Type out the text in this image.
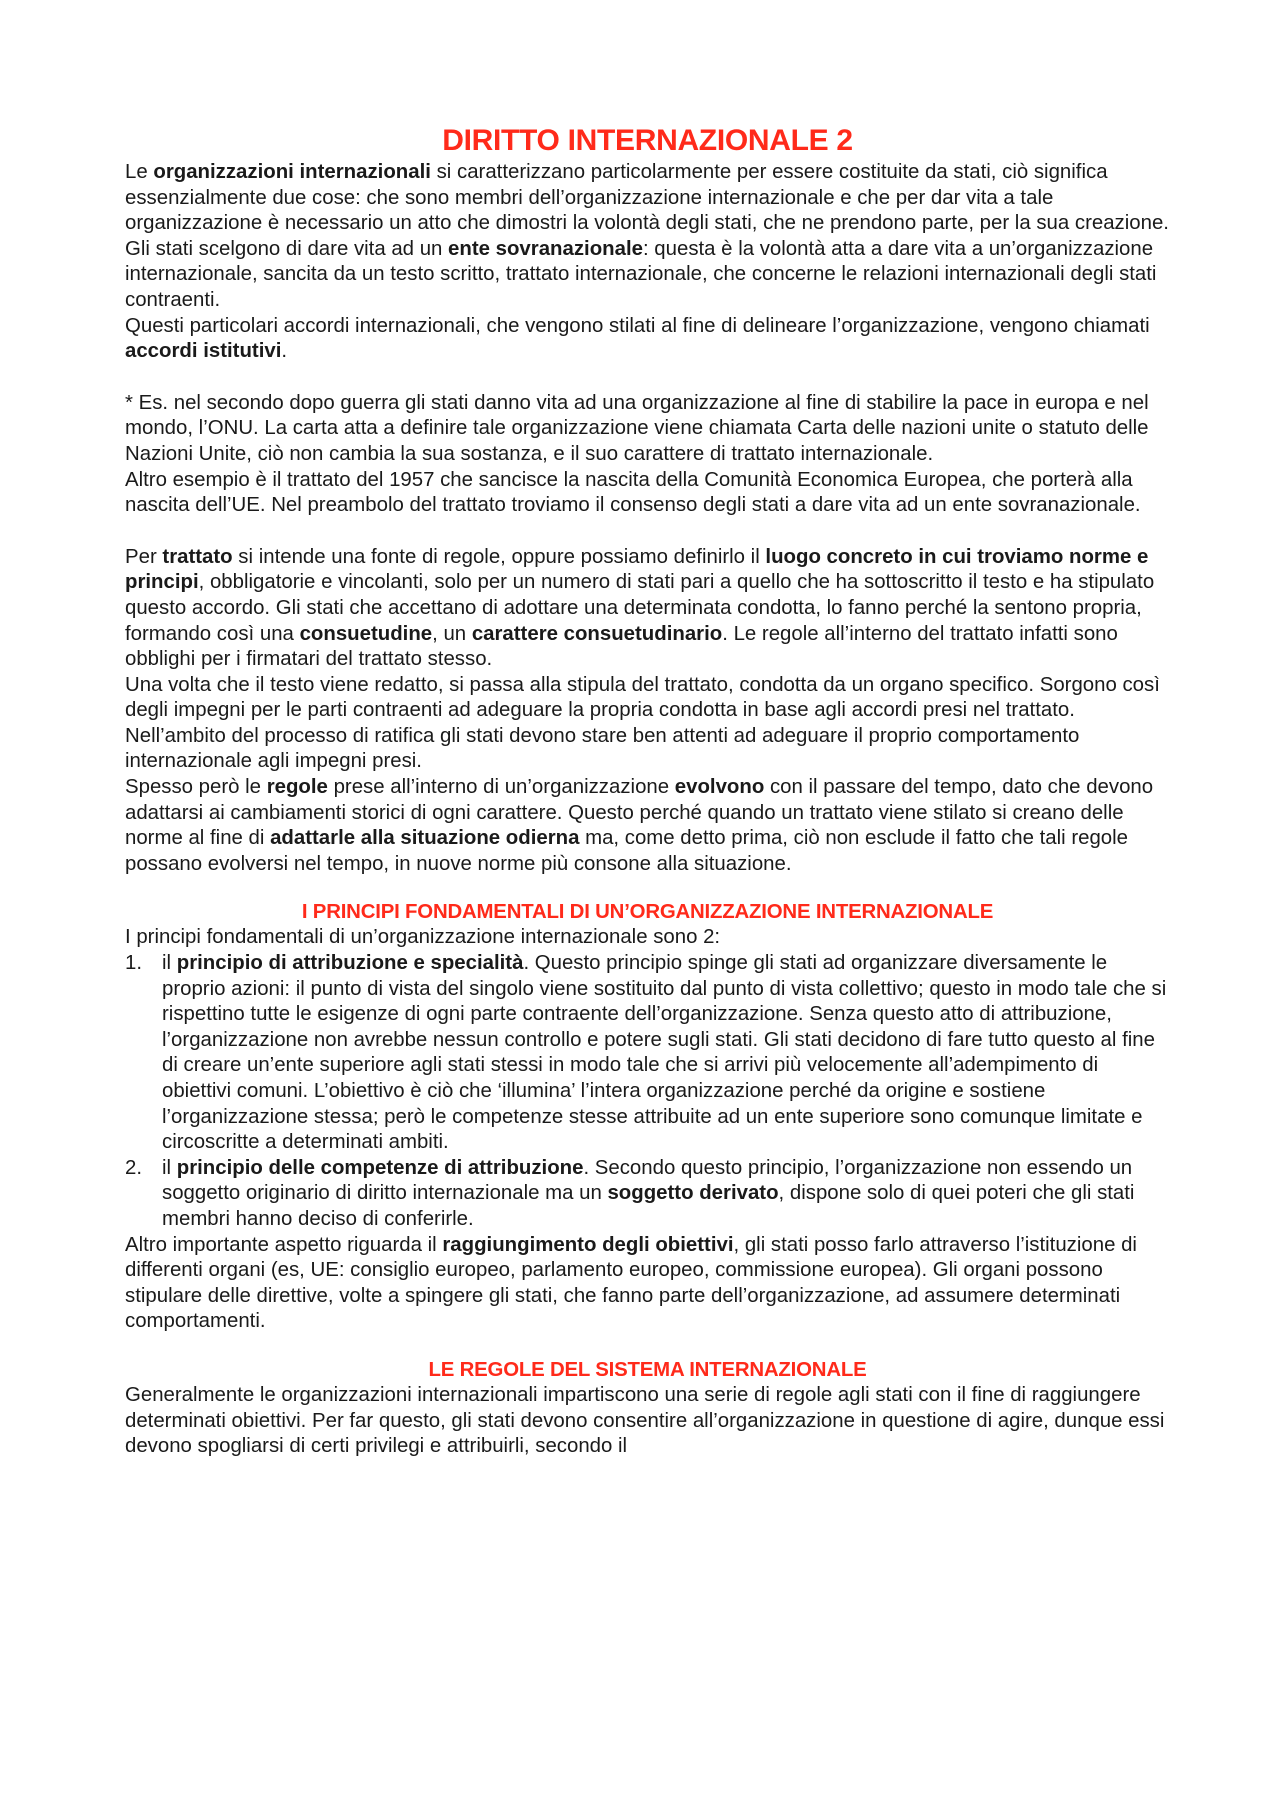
DIRITTO INTERNAZIONALE 2

Le organizzazioni internazionali si caratterizzano particolarmente per essere costituite da stati, ciò significa essenzialmente due cose: che sono membri dell’organizzazione internazionale e che per dar vita a tale organizzazione è necessario un atto che dimostri la volontà degli stati, che ne prendono parte, per la sua creazione. Gli stati scelgono di dare vita ad un ente sovranazionale: questa è la volontà atta a dare vita a un’organizzazione internazionale, sancita da un testo scritto, trattato internazionale, che concerne le relazioni internazionali degli stati contraenti.

Questi particolari accordi internazionali, che vengono stilati al fine di delineare l’organizzazione, vengono chiamati accordi istitutivi.

* Es. nel secondo dopo guerra gli stati danno vita ad una organizzazione al fine di stabilire la pace in europa e nel mondo, l’ONU. La carta atta a definire tale organizzazione viene chiamata Carta delle nazioni unite o statuto delle Nazioni Unite, ciò non cambia la sua sostanza, e il suo carattere di trattato internazionale.

Altro esempio è il trattato del 1957 che sancisce la nascita della Comunità Economica Europea, che porterà alla nascita dell’UE. Nel preambolo del trattato troviamo il consenso degli stati a dare vita ad un ente sovranazionale.

Per trattato si intende una fonte di regole, oppure possiamo definirlo il luogo concreto in cui troviamo norme e principi, obbligatorie e vincolanti, solo per un numero di stati pari a quello che ha sottoscritto il testo e ha stipulato questo accordo. Gli stati che accettano di adottare una determinata condotta, lo fanno perché la sentono propria, formando così una consuetudine, un carattere consuetudinario. Le regole all’interno del trattato infatti sono obblighi per i firmatari del trattato stesso.

Una volta che il testo viene redatto, si passa alla stipula del trattato, condotta da un organo specifico. Sorgono così degli impegni per le parti contraenti ad adeguare la propria condotta in base agli accordi presi nel trattato.

Nell’ambito del processo di ratifica gli stati devono stare ben attenti ad adeguare il proprio comportamento internazionale agli impegni presi.

Spesso però le regole prese all’interno di un’organizzazione evolvono con il passare del tempo, dato che devono adattarsi ai cambiamenti storici di ogni carattere. Questo perché quando un trattato viene stilato si creano delle norme al fine di adattarle alla situazione odierna ma, come detto prima, ciò non esclude il fatto che tali regole possano evolversi nel tempo, in nuove norme più consone alla situazione.

I PRINCIPI FONDAMENTALI DI UN’ORGANIZZAZIONE INTERNAZIONALE

I principi fondamentali di un’organizzazione internazionale sono 2:

1. il principio di attribuzione e specialità. Questo principio spinge gli stati ad organizzare diversamente le proprio azioni: il punto di vista del singolo viene sostituito dal punto di vista collettivo; questo in modo tale che si rispettino tutte le esigenze di ogni parte contraente dell’organizzazione. Senza questo atto di attribuzione, l’organizzazione non avrebbe nessun controllo e potere sugli stati. Gli stati decidono di fare tutto questo al fine di creare un’ente superiore agli stati stessi in modo tale che si arrivi più velocemente all’adempimento di obiettivi comuni. L’obiettivo è ciò che ‘illumina’ l’intera organizzazione perché da origine e sostiene l’organizzazione stessa; però le competenze stesse attribuite ad un ente superiore sono comunque limitate e circoscritte a determinati ambiti.
2. il principio delle competenze di attribuzione. Secondo questo principio, l’organizzazione non essendo un soggetto originario di diritto internazionale ma un soggetto derivato, dispone solo di quei poteri che gli stati membri hanno deciso di conferirle.

Altro importante aspetto riguarda il raggiungimento degli obiettivi, gli stati posso farlo attraverso l’istituzione di differenti organi (es, UE: consiglio europeo, parlamento europeo, commissione europea). Gli organi possono stipulare delle direttive, volte a spingere gli stati, che fanno parte dell’organizzazione, ad assumere determinati comportamenti.

LE REGOLE DEL SISTEMA INTERNAZIONALE

Generalmente le organizzazioni internazionali impartiscono una serie di regole agli stati con il fine di raggiungere determinati obiettivi. Per far questo, gli stati devono consentire all’organizzazione in questione di agire, dunque essi devono spogliarsi di certi privilegi e attribuirli, secondo il
